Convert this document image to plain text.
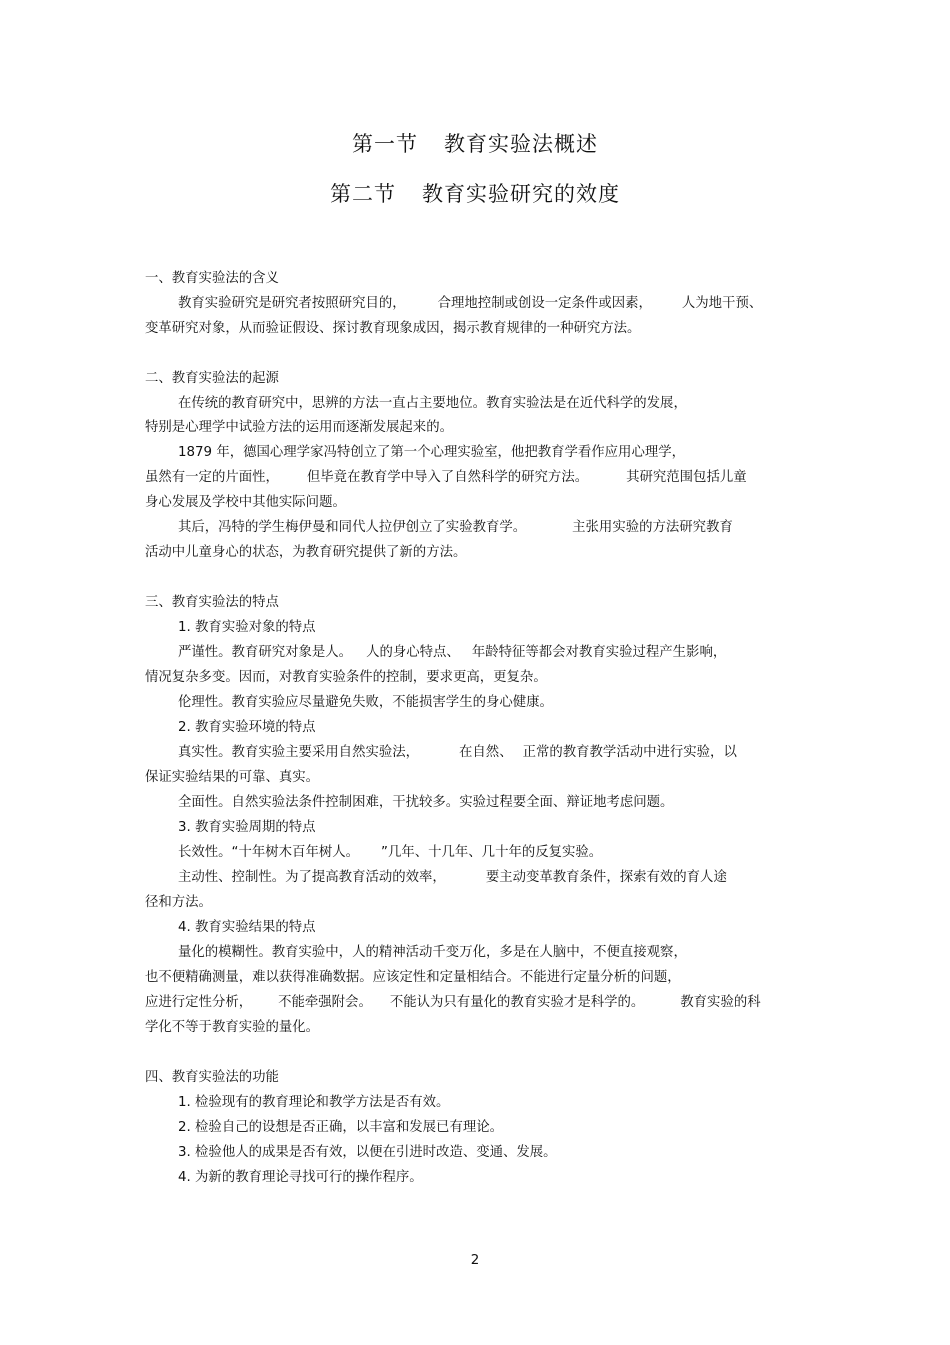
第一节 教育实验法概述
第二节 教育实验研究的效度
一、教育实验法的含义
教育实验研究是研究者按照研究目的， 合理地控制或创设一定条件或因素， 人为地干预、
变革研究对象，从而验证假设、探讨教育现象成因，揭示教育规律的一种研究方法。
二、教育实验法的起源
在传统的教育研究中，思辨的方法一直占主要地位。教育实验法是在近代科学的发展，
特别是心理学中试验方法的运用而逐渐发展起来的。
1879 年，德国心理学家冯特创立了第一个心理实验室，他把教育学看作应用心理学，
虽然有一定的片面性， 但毕竟在教育学中导入了自然科学的研究方法。	其研究范围包括儿童
身心发展及学校中其他实际问题。
其后，冯特的学生梅伊曼和同代人拉伊创立了实验教育学。	主张用实验的方法研究教育
活动中儿童身心的状态，为教育研究提供了新的方法。
三、教育实验法的特点
1. 教育实验对象的特点
严谨性。教育研究对象是人。 人的身心特点、 年龄特征等都会对教育实验过程产生影响，
情况复杂多变。因而，对教育实验条件的控制，要求更高，更复杂。
伦理性。教育实验应尽量避免失败，不能损害学生的身心健康。
2. 教育实验环境的特点
真实性。教育实验主要采用自然实验法，	在自然、 正常的教育教学活动中进行实验，以
保证实验结果的可靠、真实。
全面性。自然实验法条件控制困难，干扰较多。实验过程要全面、辩证地考虑问题。
3. 教育实验周期的特点
长效性。“十年树木百年树人。 ”几年、十几年、几十年的反复实验。
主动性、控制性。为了提高教育活动的效率，	要主动变革教育条件，探索有效的育人途
径和方法。
4. 教育实验结果的特点
量化的模糊性。教育实验中，人的精神活动千变万化，多是在人脑中，不便直接观察，
也不便精确测量，难以获得准确数据。应该定性和定量相结合。不能进行定量分析的问题，
应进行定性分析， 不能牵强附会。 不能认为只有量化的教育实验才是科学的。	教育实验的科
学化不等于教育实验的量化。
四、教育实验法的功能
1. 检验现有的教育理论和教学方法是否有效。
2. 检验自己的设想是否正确，以丰富和发展已有理论。
3. 检验他人的成果是否有效，以便在引进时改造、变通、发展。
4. 为新的教育理论寻找可行的操作程序。
2
